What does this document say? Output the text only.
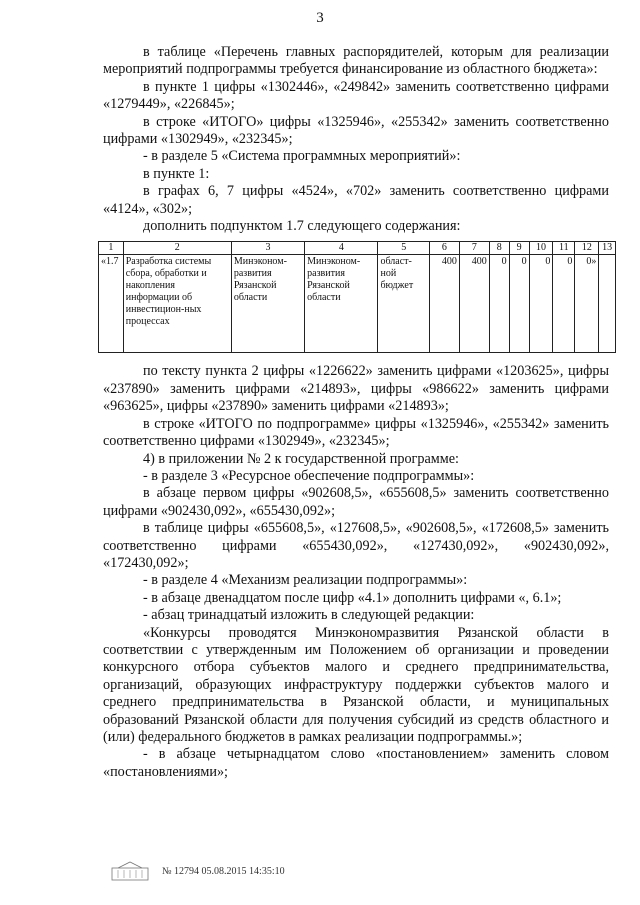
3

в таблице «Перечень главных распорядителей, которым для реализации мероприятий подпрограммы требуется финансирование из областного бюджета»:

в пункте 1 цифры «1302446», «249842» заменить соответственно цифрами «1279449», «226845»;

в строке «ИТОГО» цифры «1325946», «255342» заменить соответственно цифрами «1302949», «232345»;

- в разделе 5 «Система программных мероприятий»:

в пункте 1:

в графах 6, 7 цифры «4524», «702» заменить соответственно цифрами «4124», «302»;

дополнить подпунктом 1.7 следующего содержания:

1	2	3	4	5	6	7	8	9	10	11	12	13
«1.7	Разработка системы сбора, обработки и накопления информации об инвестицион-ных процессах	Минэконом-развития Рязанской области	Минэконом-развития Рязанской области	област-ной бюджет	400	400	0	0	0	0	0»	

по тексту пункта 2 цифры «1226622» заменить цифрами «1203625», цифры «237890» заменить цифрами «214893», цифры «986622» заменить цифрами «963625», цифры «237890» заменить цифрами «214893»;

в строке «ИТОГО по подпрограмме» цифры «1325946», «255342» заменить соответственно цифрами «1302949», «232345»;

4) в приложении № 2 к государственной программе:

- в разделе 3 «Ресурсное обеспечение подпрограммы»:

в абзаце первом цифры «902608,5», «655608,5» заменить соответственно цифрами «902430,092», «655430,092»;

в таблице цифры «655608,5», «127608,5», «902608,5», «172608,5» заменить соответственно цифрами «655430,092», «127430,092», «902430,092», «172430,092»;

- в разделе 4 «Механизм реализации подпрограммы»:

- в абзаце двенадцатом после цифр «4.1» дополнить цифрами «, 6.1»;

- абзац тринадцатый изложить в следующей редакции:

«Конкурсы проводятся Минэкономразвития Рязанской области в соответствии с утвержденным им Положением об организации и проведении конкурсного отбора субъектов малого и среднего предпринимательства, организаций, образующих инфраструктуру поддержки субъектов малого и среднего предпринимательства в Рязанской области, и муниципальных образований Рязанской области для получения субсидий из средств областного и (или) федерального бюджетов в рамках реализации подпрограммы.»;

- в абзаце четырнадцатом слово «постановлением» заменить словом «постановлениями»;

№ 12794 05.08.2015 14:35:10
